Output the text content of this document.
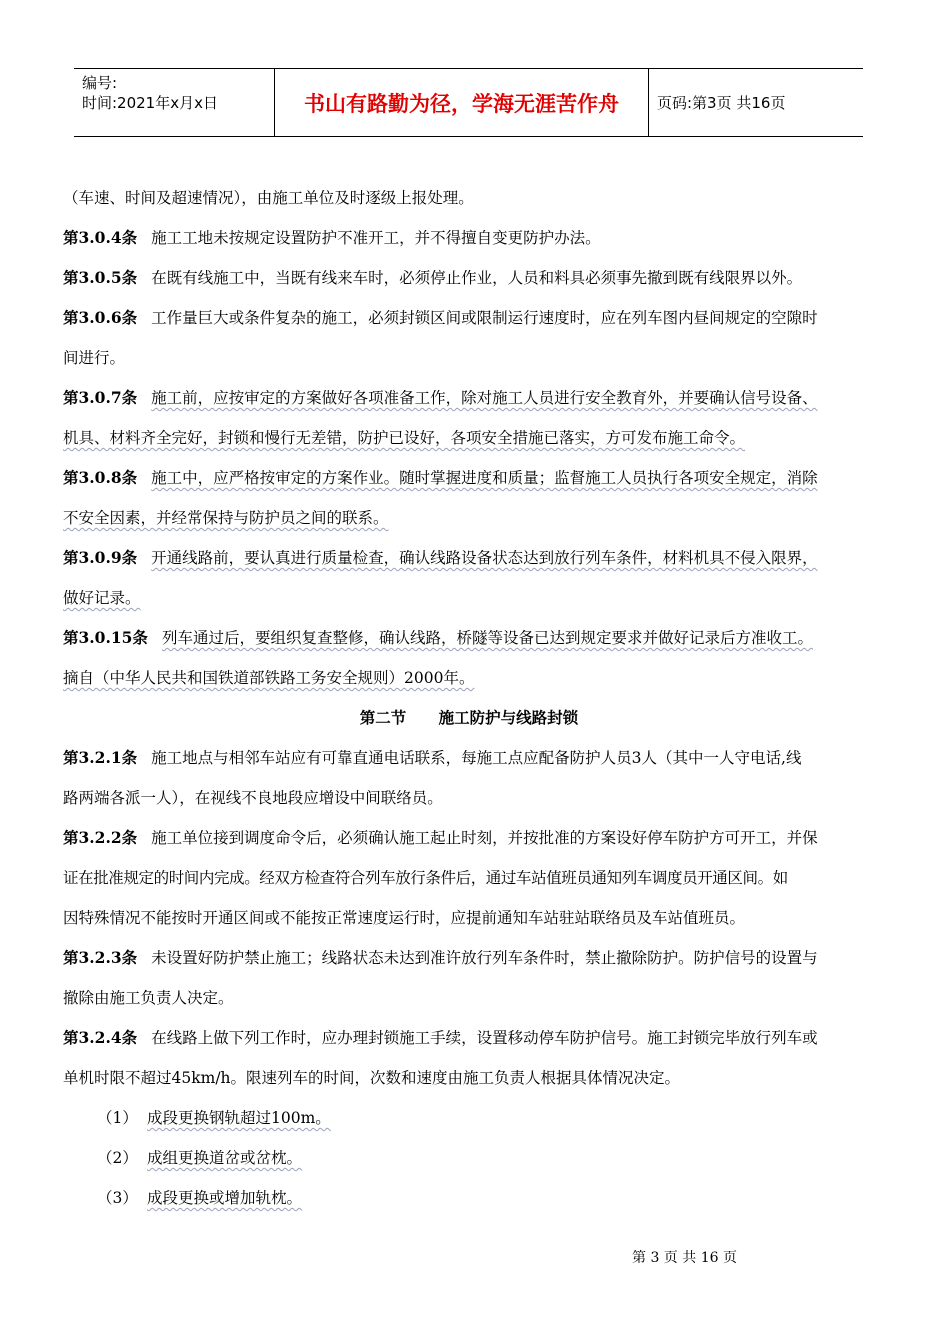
编号:
时间:2021年x月x日	书山有路勤为径，学海无涯苦作舟	页码:第3页 共16页
（车速、时间及超速情况），由施工单位及时逐级上报处理。
第3.0.4条 施工工地未按规定设置防护不准开工，并不得擅自变更防护办法。
第3.0.5条 在既有线施工中，当既有线来车时，必须停止作业，人员和料具必须事先撤到既有线限界以外。
第3.0.6条 工作量巨大或条件复杂的施工，必须封锁区间或限制运行速度时，应在列车图内昼间规定的空隙时
间进行。
第3.0.7条 施工前，应按审定的方案做好各项准备工作，除对施工人员进行安全教育外，并要确认信号设备、
机具、材料齐全完好，封锁和慢行无差错，防护已设好，各项安全措施已落实，方可发布施工命令。
第3.0.8条 施工中，应严格按审定的方案作业。随时掌握进度和质量；监督施工人员执行各项安全规定，消除
不安全因素，并经常保持与防护员之间的联系。
第3.0.9条 开通线路前，要认真进行质量检查，确认线路设备状态达到放行列车条件，材料机具不侵入限界，
做好记录。
第3.0.15条 列车通过后，要组织复查整修，确认线路，桥隧等设备已达到规定要求并做好记录后方准收工。
摘自（中华人民共和国铁道部铁路工务安全规则）2000年。
第二节      施工防护与线路封锁
第3.2.1条 施工地点与相邻车站应有可靠直通电话联系，每施工点应配备防护人员3人（其中一人守电话,线
路两端各派一人），在视线不良地段应增设中间联络员。
第3.2.2条 施工单位接到调度命令后，必须确认施工起止时刻，并按批准的方案设好停车防护方可开工，并保
证在批准规定的时间内完成。经双方检查符合列车放行条件后，通过车站值班员通知列车调度员开通区间。如
因特殊情况不能按时开通区间或不能按正常速度运行时，应提前通知车站驻站联络员及车站值班员。
第3.2.3条 未设置好防护禁止施工；线路状态未达到准许放行列车条件时，禁止撤除防护。防护信号的设置与
撤除由施工负责人决定。
第3.2.4条 在线路上做下列工作时，应办理封锁施工手续，设置移动停车防护信号。施工封锁完毕放行列车或
单机时限不超过45km/h。限速列车的时间，次数和速度由施工负责人根据具体情况决定。
（1） 成段更换钢轨超过100m。
（2） 成组更换道岔或岔枕。
（3） 成段更换或增加轨枕。
第 3 页 共 16 页
